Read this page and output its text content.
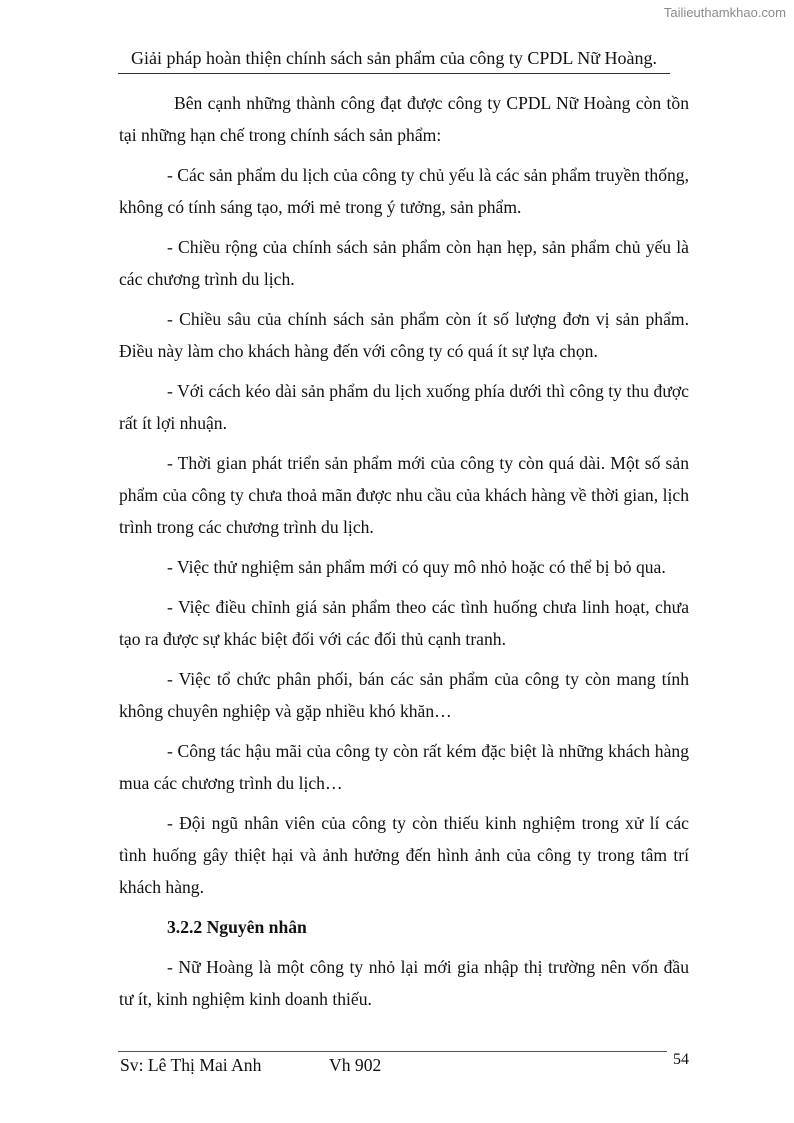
Tailieuthamkhao.com
Giải pháp hoàn thiện chính sách sản phẩm của công ty CPDL Nữ Hoàng.

Bên cạnh những thành công đạt được công ty CPDL Nữ Hoàng còn tồn tại những hạn chế trong chính sách sản phẩm:

- Các sản phẩm du lịch của công ty chủ yếu là các sản phẩm truyền thống, không có tính sáng tạo, mới mẻ trong ý tưởng, sản phẩm.

- Chiều rộng của chính sách sản phẩm còn hạn hẹp, sản phẩm chủ yếu là các chương trình du lịch.

- Chiều sâu của chính sách sản phẩm còn ít số lượng đơn vị sản phẩm. Điều này làm cho khách hàng đến với công ty có quá ít sự lựa chọn.

- Với cách kéo dài sản phẩm du lịch xuống phía dưới thì công ty thu được rất ít lợi nhuận.

- Thời gian phát triển sản phẩm mới của công ty còn quá dài. Một số sản phẩm của công ty chưa thoả mãn được nhu cầu của khách hàng về thời gian, lịch trình trong các chương trình du lịch.

- Việc thử nghiệm sản phẩm mới có quy mô nhỏ hoặc có thể bị bỏ qua.

- Việc điều chỉnh giá sản phẩm theo các tình huống chưa linh hoạt, chưa tạo ra được sự khác biệt đối với các đối thủ cạnh tranh.

- Việc tổ chức phân phối, bán các sản phẩm của công ty còn mang tính không chuyên nghiệp và gặp nhiều khó khăn…

- Công tác hậu mãi của công ty còn rất kém đặc biệt là những khách hàng mua các chương trình du lịch…

- Đội ngũ nhân viên của công ty còn thiếu kinh nghiệm trong xử lí các tình huống gây thiệt hại và ảnh hưởng đến hình ảnh của công ty trong tâm trí khách hàng.

3.2.2 Nguyên nhân

- Nữ Hoàng là một công ty nhỏ lại mới gia nhập thị trường nên vốn đầu tư ít, kinh nghiệm kinh doanh thiếu.

Sv: Lê Thị Mai Anh	Vh 902	54
